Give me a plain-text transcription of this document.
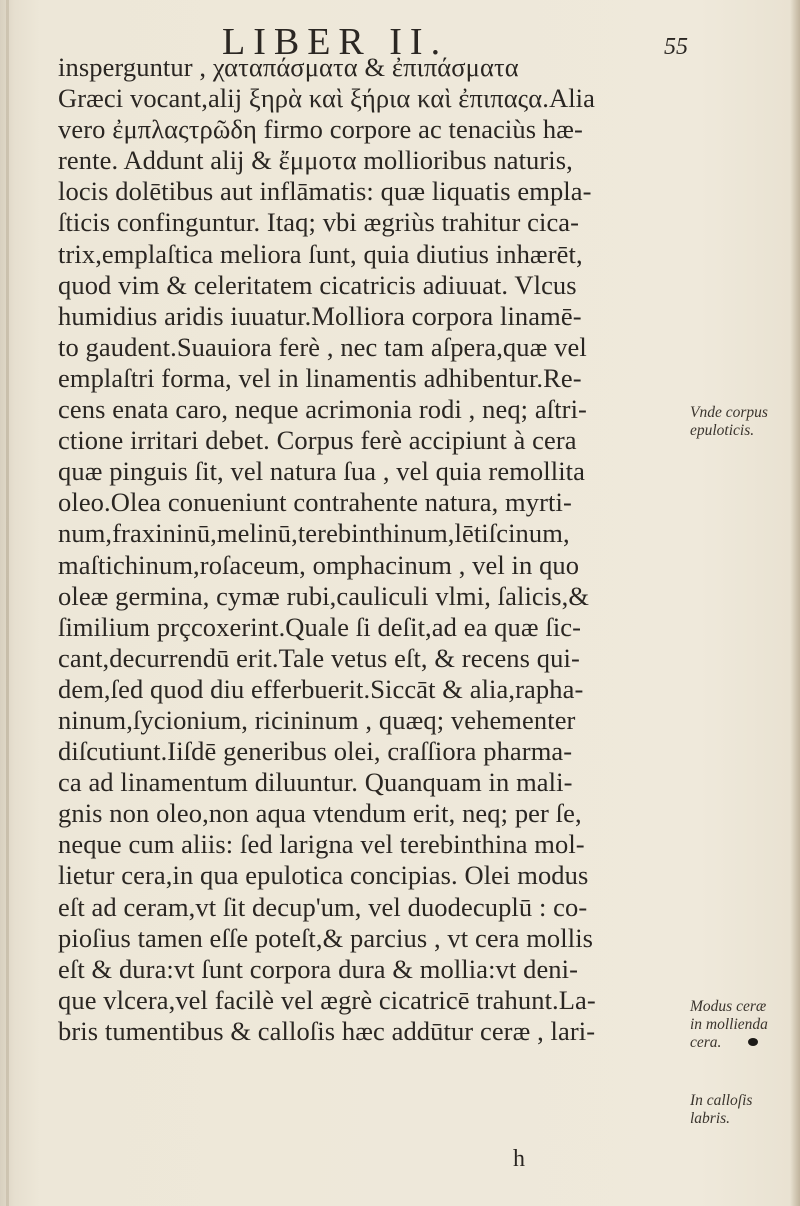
LIBER II.	55
insperguntur , χαταπάσματα & ἐπιπάσματα
Græci vocant,alij ξηρὰ καὶ ξήρια καὶ ἐπιπαςα.Alia
vero ἐμπλαςτρῶδη firmo corpore ac tenaciùs hæ-
rente. Addunt alij & ἔμμοτα mollioribus naturis,
locis dolētibus aut inflāmatis: quæ liquatis empla-
ſticis confinguntur. Itaq; vbi ægriùs trahitur cica-
trix,emplaſtica meliora ſunt, quia diutius inhærēt,
quod vim & celeritatem cicatricis adiuuat. Vlcus
humidius aridis iuuatur.Molliora corpora linamē-
to gaudent.Suauiora ferè , nec tam aſpera,quæ vel
emplaſtri forma, vel in linamentis adhibentur.Re-
cens enata caro, neque acrimonia rodi , neq; aſtri-
ctione irritari debet. Corpus ferè accipiunt à cera
quæ pinguis ſit, vel natura ſua , vel quia remollita
oleo.Olea conueniunt contrahente natura, myrti-
num,fraxininū,melinū,terebinthinum,lētiſcinum,
maſtichinum,roſaceum, omphacinum , vel in quo
oleæ germina, cymæ rubi,cauliculi vlmi, ſalicis,&
ſimilium prçcoxerint.Quale ſi deſit,ad ea quæ ſic-
cant,decurrendū erit.Tale vetus eſt, & recens qui-
dem,ſed quod diu efferbuerit.Siccāt & alia,rapha-
ninum,ſycionium, ricininum , quæq; vehementer
diſcutiunt.Iiſdē generibus olei, craſſiora pharma-
ca ad linamentum diluuntur. Quanquam in mali-
gnis non oleo,non aqua vtendum erit, neq; per ſe,
neque cum aliis: ſed larigna vel terebinthina mol-
lietur cera,in qua epulotica concipias. Olei modus
eſt ad ceram,vt ſit decup'um, vel duodecuplū : co-
pioſius tamen eſſe poteſt,& parcius , vt cera mollis
eſt & dura:vt ſunt corpora dura & mollia:vt deni-
que vlcera,vel facilè vel ægrè cicatricē trahunt.La-
bris tumentibus & calloſis hæc addūtur ceræ , lari-
Vnde corpus
epuloticis.
Modus ceræ
in mollienda
cera.
In calloſis
labris.
h
